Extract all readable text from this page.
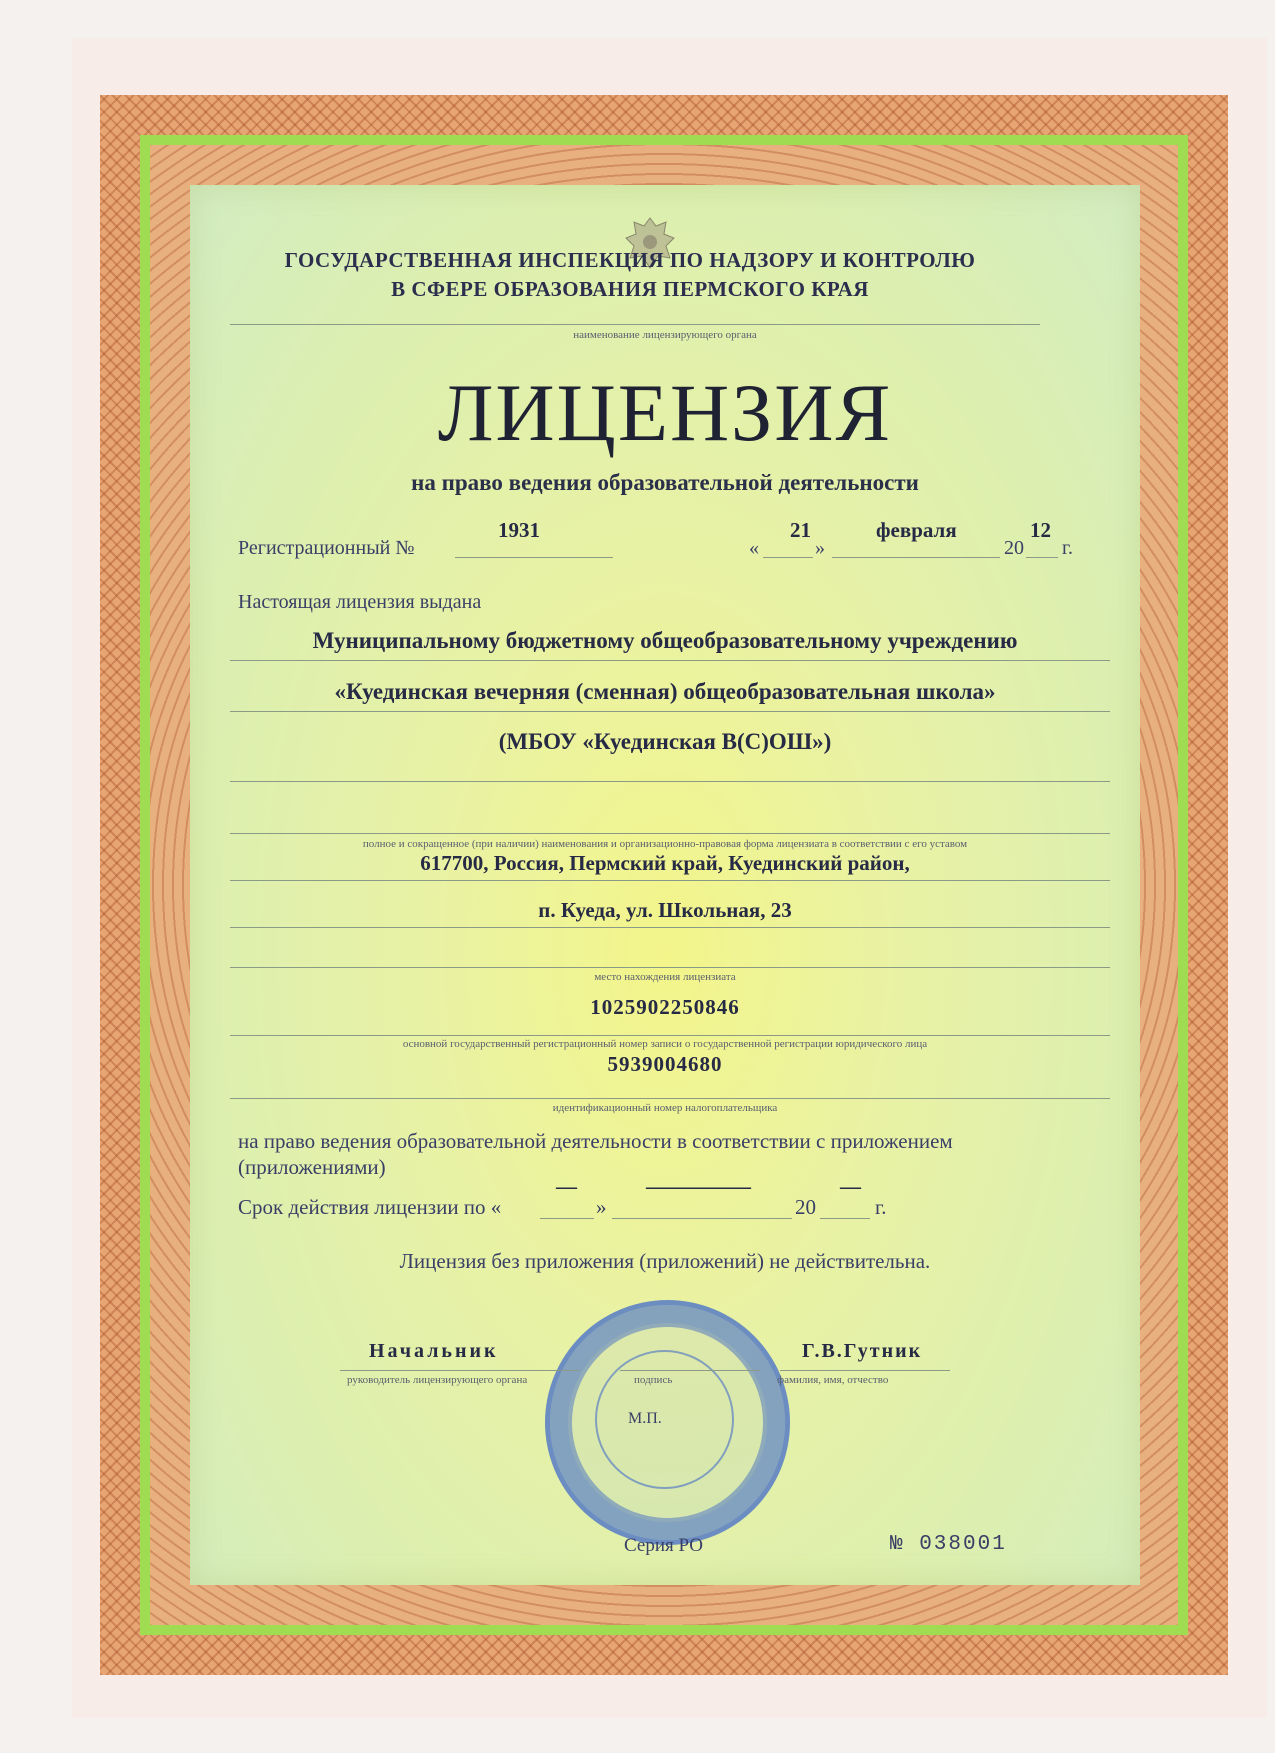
ГОСУДАРСТВЕННАЯ ИНСПЕКЦИЯ ПО НАДЗОРУ И КОНТРОЛЮ
В СФЕРЕ ОБРАЗОВАНИЯ ПЕРМСКОГО КРАЯ
наименование лицензирующего органа
ЛИЦЕНЗИЯ
на право ведения образовательной деятельности
Регистрационный №
1931
«
21
»
февраля
20
12
г.
Настоящая лицензия выдана
Муниципальному бюджетному общеобразовательному учреждению
«Куединская вечерняя (сменная) общеобразовательная школа»
(МБОУ «Куединская В(С)ОШ»)
полное и сокращенное (при наличии) наименования и организационно-правовая форма лицензиата в соответствии с его уставом
617700, Россия, Пермский край, Куединский район,
п. Куеда, ул. Школьная, 23
место нахождения лицензиата
1025902250846
основной государственный регистрационный номер записи о государственной регистрации юридического лица
5939004680
идентификационный номер налогоплательщика
на право ведения образовательной деятельности в соответствии с приложением
(приложениями)
Срок действия лицензии по «
—
»
—————
20
—
г.
Лицензия без приложения (приложений) не действительна.
Начальник	Г.В.Гутник
руководитель лицензирующего органа	подпись	фамилия, имя, отчество
М.П.
Серия РО	№ 038001
